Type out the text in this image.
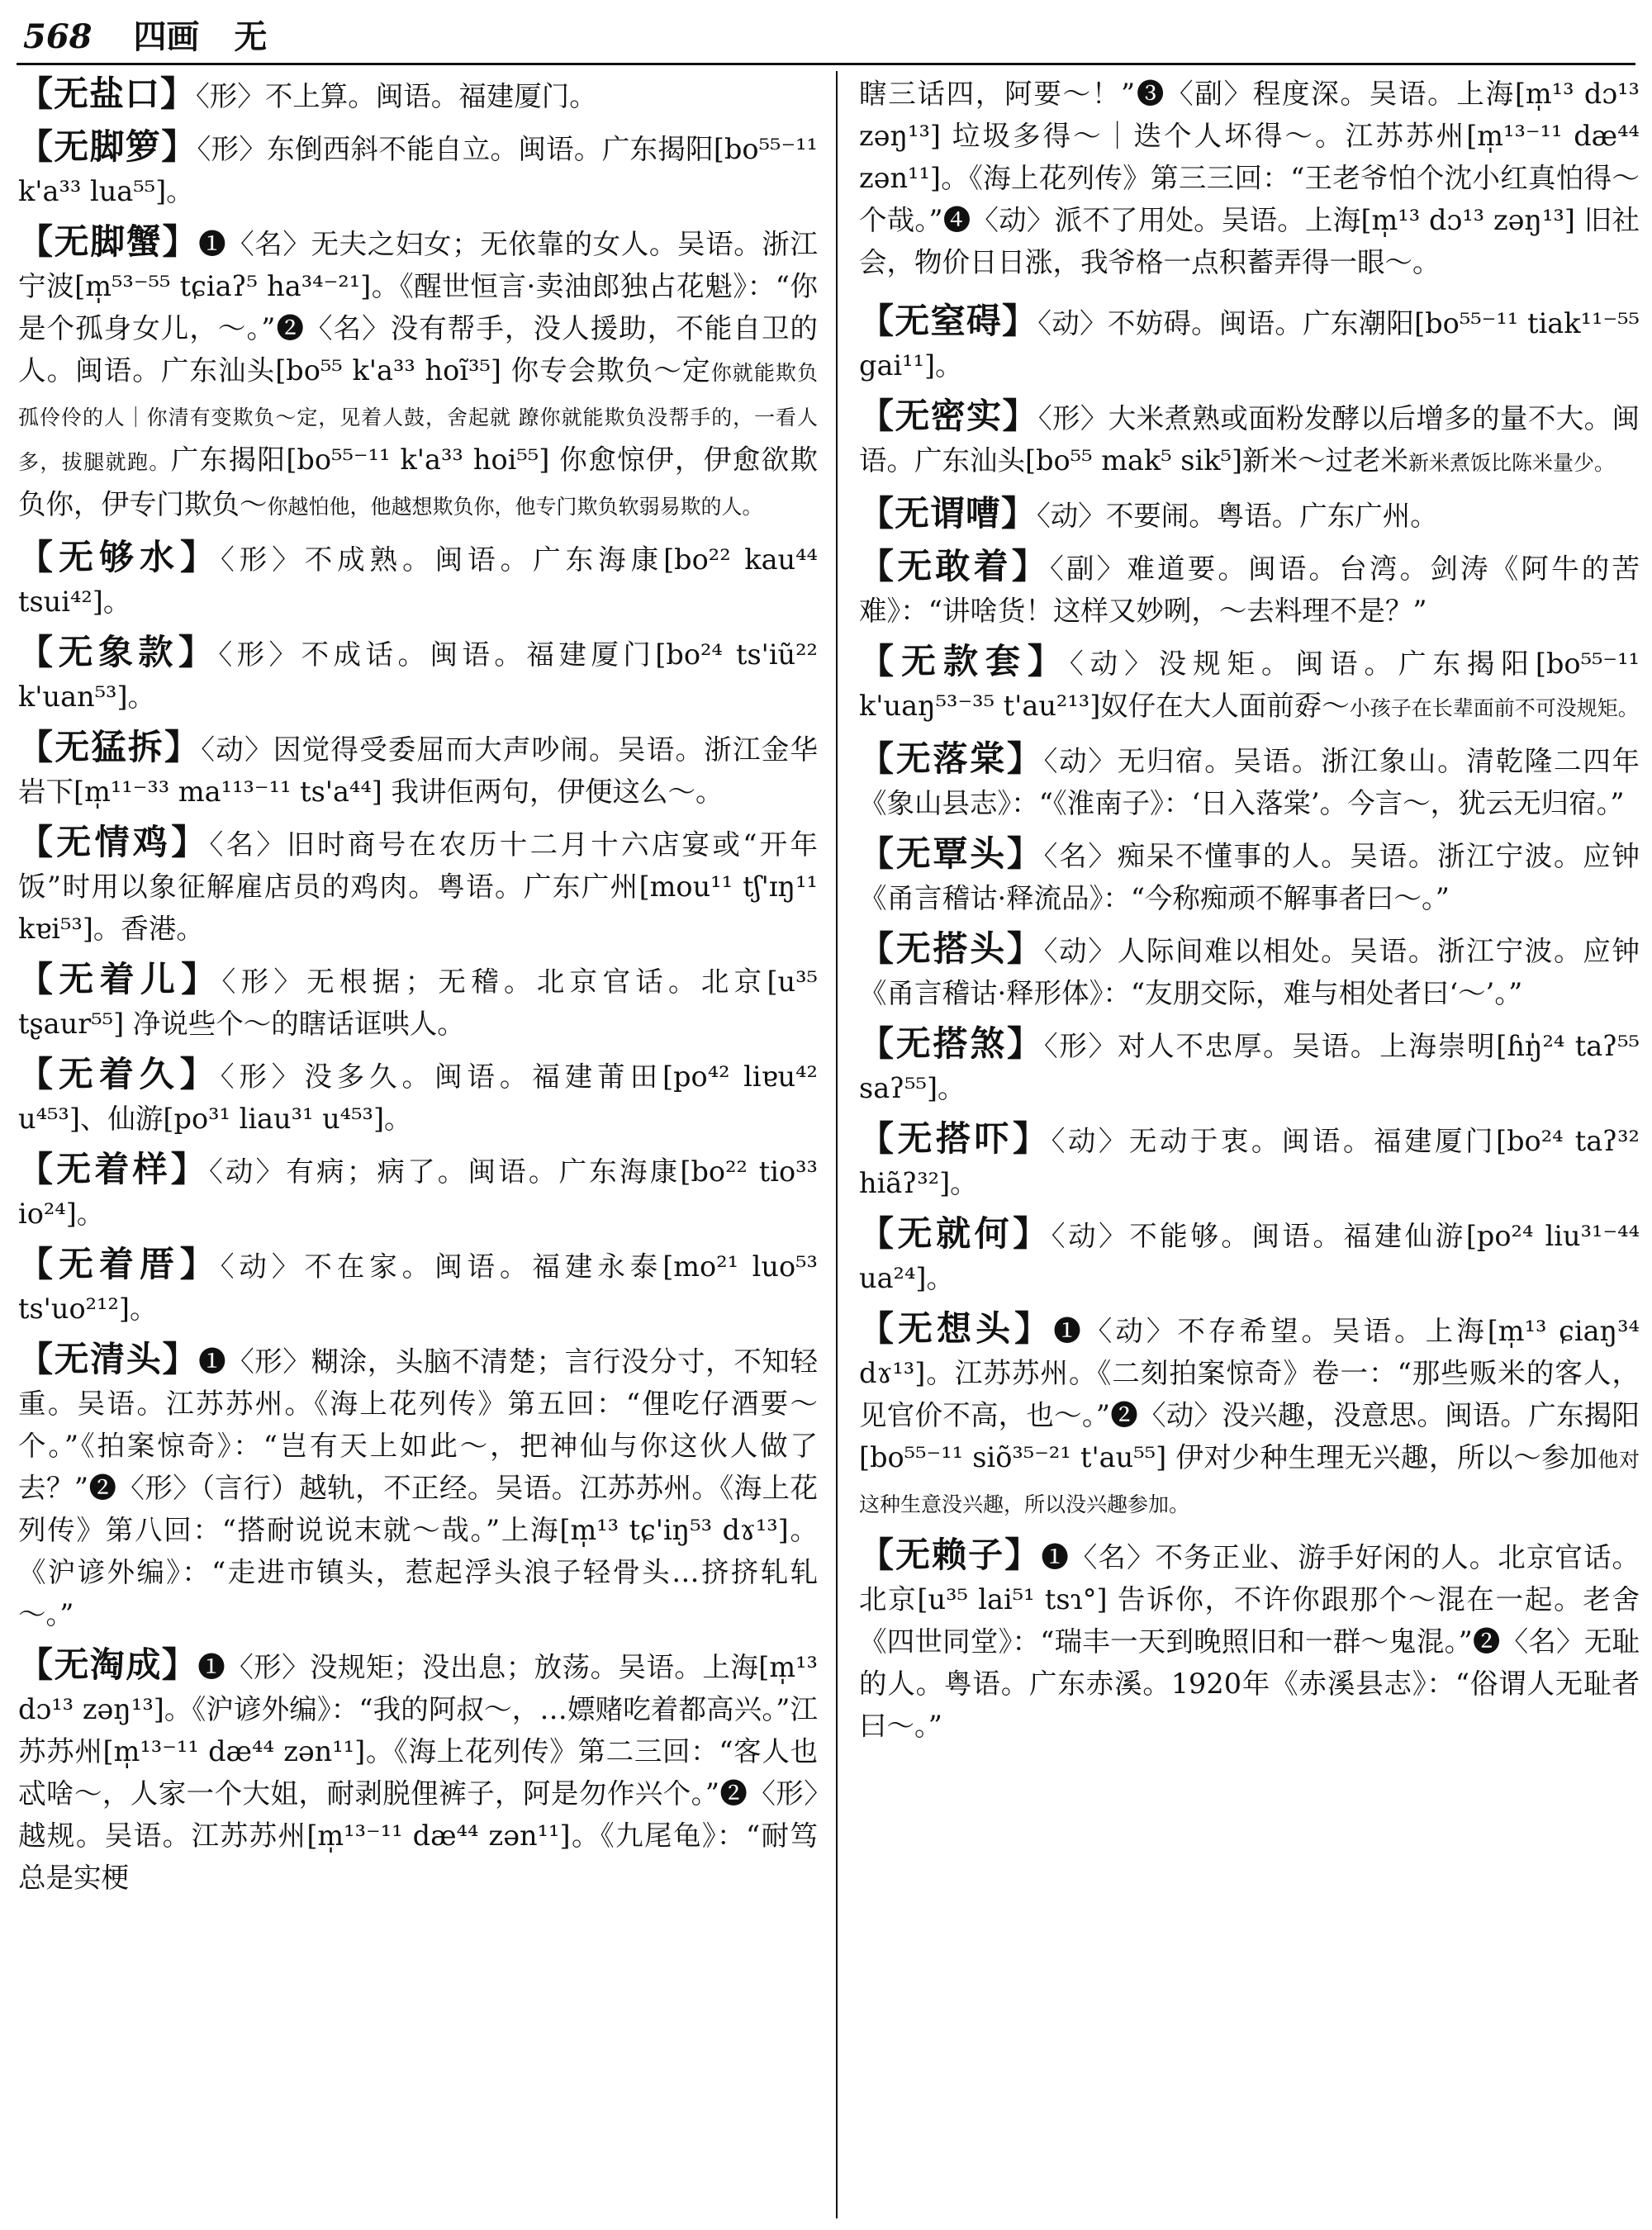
568 四画 无

【无盐口】〈形〉不上算。闽语。福建厦门。

【无脚箩】〈形〉东倒西斜不能自立。闽语。广东揭阳[bo⁵⁵⁻¹¹ k'a³³ lua⁵⁵]。

【无脚蟹】❶〈名〉无夫之妇女；无依靠的女人。吴语。浙江宁波[m̩⁵³⁻⁵⁵ tɕiaʔ⁵ ha³⁴⁻²¹]。《醒世恒言·卖油郎独占花魁》：“你是个孤身女儿，～。”❷〈名〉没有帮手，没人援助，不能自卫的人。闽语。广东汕头[bo⁵⁵ k'a³³ hoĩ³⁵] 你专会欺负～定你就能欺负孤伶伶的人｜你清有变欺负～定，见着人鼓，舍起就 蹽你就能欺负没帮手的，一看人多，拔腿就跑。广东揭阳[bo⁵⁵⁻¹¹ k'a³³ hoi⁵⁵] 你愈惊伊，伊愈欲欺负你，伊专门欺负～你越怕他，他越想欺负你，他专门欺负软弱易欺的人。

【无够水】〈形〉不成熟。闽语。广东海康[bo²² kau⁴⁴ tsui⁴²]。

【无象款】〈形〉不成话。闽语。福建厦门[bo²⁴ ts'iũ²² k'uan⁵³]。

【无猛拆】〈动〉因觉得受委屈而大声吵闹。吴语。浙江金华岩下[m̩¹¹⁻³³ ma¹¹³⁻¹¹ ts'a⁴⁴] 我讲佢两句，伊便这么～。

【无情鸡】〈名〉旧时商号在农历十二月十六店宴或“开年饭”时用以象征解雇店员的鸡肉。粤语。广东广州[mou¹¹ tʃ'ɪŋ¹¹ kɐi⁵³]。香港。

【无着儿】〈形〉无根据；无稽。北京官话。北京[u³⁵ tʂaur⁵⁵] 净说些个～的瞎话诓哄人。

【无着久】〈形〉没多久。闽语。福建莆田[po⁴² liɐu⁴² u⁴⁵³]、仙游[po³¹ liau³¹ u⁴⁵³]。

【无着样】〈动〉有病；病了。闽语。广东海康[bo²² tio³³ io²⁴]。

【无着厝】〈动〉不在家。闽语。福建永泰[mo²¹ luo⁵³ ts'uo²¹²]。

【无清头】❶〈形〉糊涂，头脑不清楚；言行没分寸，不知轻重。吴语。江苏苏州。《海上花列传》第五回：“俚吃仔酒要～个。”《拍案惊奇》：“岂有天上如此～，把神仙与你这伙人做了去？”❷〈形〉（言行）越轨，不正经。吴语。江苏苏州。《海上花列传》第八回：“搭耐说说末就～哉。”上海[m̩¹³ tɕ'iŋ⁵³ dɤ¹³]。《沪谚外编》：“走进市镇头，惹起浮头浪子轻骨头…挤挤轧轧～。”

【无淘成】❶〈形〉没规矩；没出息；放荡。吴语。上海[m̩¹³ dɔ¹³ zəŋ¹³]。《沪谚外编》：“我的阿叔～，…嫖赌吃着都高兴。”江苏苏州[m̩¹³⁻¹¹ dæ⁴⁴ zən¹¹]。《海上花列传》第二三回：“客人也忒啥～，人家一个大姐，耐剥脱俚裤子，阿是勿作兴个。”❷〈形〉越规。吴语。江苏苏州[m̩¹³⁻¹¹ dæ⁴⁴ zən¹¹]。《九尾龟》：“耐笃总是实梗

瞎三话四，阿要～！”❸〈副〉程度深。吴语。上海[m̩¹³ dɔ¹³ zəŋ¹³] 垃圾多得～｜迭个人坏得～。江苏苏州[m̩¹³⁻¹¹ dæ⁴⁴ zən¹¹]。《海上花列传》第三三回：“王老爷怕个沈小红真怕得～个哉。”❹〈动〉派不了用处。吴语。上海[m̩¹³ dɔ¹³ zəŋ¹³] 旧社会，物价日日涨，我爷格一点积蓄弄得一眼～。

【无窒碍】〈动〉不妨碍。闽语。广东潮阳[bo⁵⁵⁻¹¹ tiak¹¹⁻⁵⁵ gai¹¹]。

【无密实】〈形〉大米煮熟或面粉发酵以后增多的量不大。闽语。广东汕头[bo⁵⁵ mak⁵ sik⁵]新米～过老米新米煮饭比陈米量少。

【无谓嘈】〈动〉不要闹。粤语。广东广州。

【无敢着】〈副〉难道要。闽语。台湾。剑涛《阿牛的苦难》：“讲啥货！这样又妙咧，～去料理不是？”

【无款套】〈动〉没规矩。闽语。广东揭阳[bo⁵⁵⁻¹¹ k'uaŋ⁵³⁻³⁵ t'au²¹³]奴仔在大人面前孬～小孩子在长辈面前不可没规矩。

【无落棠】〈动〉无归宿。吴语。浙江象山。清乾隆二四年《象山县志》：“《淮南子》：‘日入落棠’。今言～，犹云无归宿。”

【无覃头】〈名〉痴呆不懂事的人。吴语。浙江宁波。应钟《甬言稽诂·释流品》：“今称痴顽不解事者曰～。”

【无搭头】〈动〉人际间难以相处。吴语。浙江宁波。应钟《甬言稽诂·释形体》：“友朋交际，难与相处者曰‘～’。”

【无搭煞】〈形〉对人不忠厚。吴语。上海崇明[ɦŋ̍²⁴ taʔ⁵⁵ saʔ⁵⁵]。

【无搭吓】〈动〉无动于衷。闽语。福建厦门[bo²⁴ taʔ³² hiãʔ³²]。

【无就何】〈动〉不能够。闽语。福建仙游[po²⁴ liu³¹⁻⁴⁴ ua²⁴]。

【无想头】❶〈动〉不存希望。吴语。上海[m̩¹³ ɕiaŋ³⁴ dɤ¹³]。江苏苏州。《二刻拍案惊奇》卷一：“那些贩米的客人，见官价不高，也～。”❷〈动〉没兴趣，没意思。闽语。广东揭阳[bo⁵⁵⁻¹¹ siõ³⁵⁻²¹ t'au⁵⁵] 伊对少种生理无兴趣，所以～参加他对这种生意没兴趣，所以没兴趣参加。

【无赖子】❶〈名〉不务正业、游手好闲的人。北京官话。北京[u³⁵ lai⁵¹ tsɿ°] 告诉你，不许你跟那个～混在一起。老舍《四世同堂》：“瑞丰一天到晚照旧和一群～鬼混。”❷〈名〉无耻的人。粤语。广东赤溪。1920年《赤溪县志》：“俗谓人无耻者曰～。”
